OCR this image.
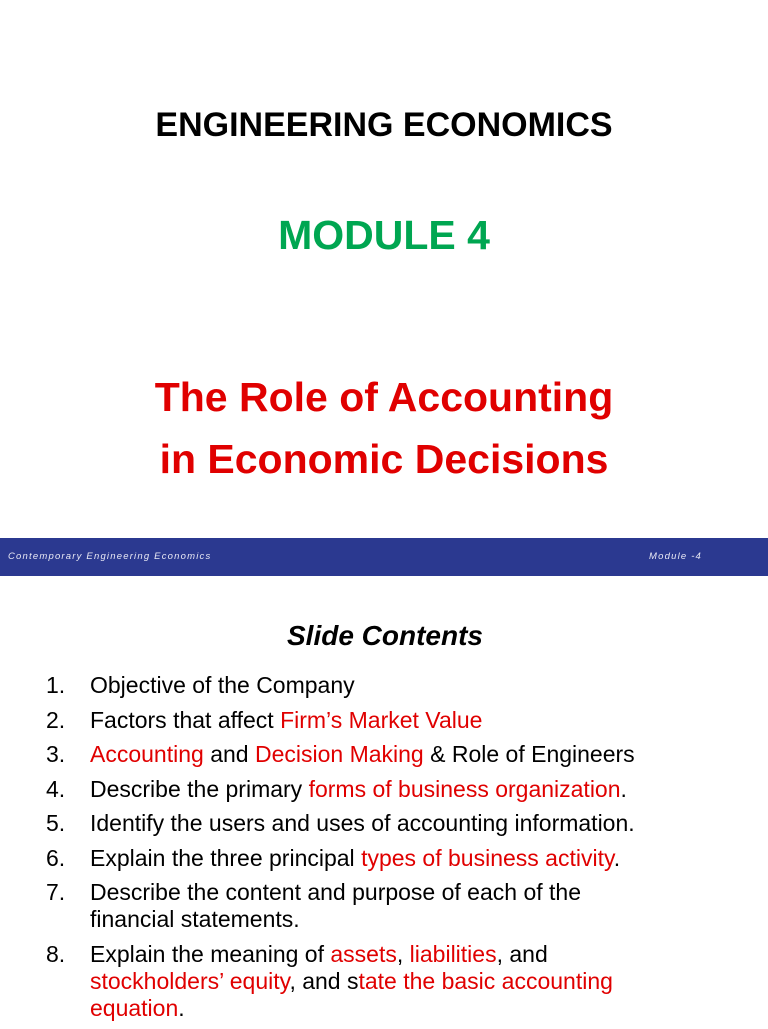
ENGINEERING ECONOMICS
MODULE 4
The Role of Accounting
in Economic Decisions
Contemporary Engineering Economics	Module -4
Slide Contents
1. Objective of the Company
2. Factors that affect Firm’s Market Value
3. Accounting and Decision Making & Role of Engineers
4. Describe the primary forms of business organization.
5. Identify the users and uses of accounting information.
6. Explain the three principal types of business activity.
7. Describe the content and purpose of each of the
financial statements.
8. Explain the meaning of assets, liabilities, and
stockholders’ equity, and state the basic accounting
equation.
